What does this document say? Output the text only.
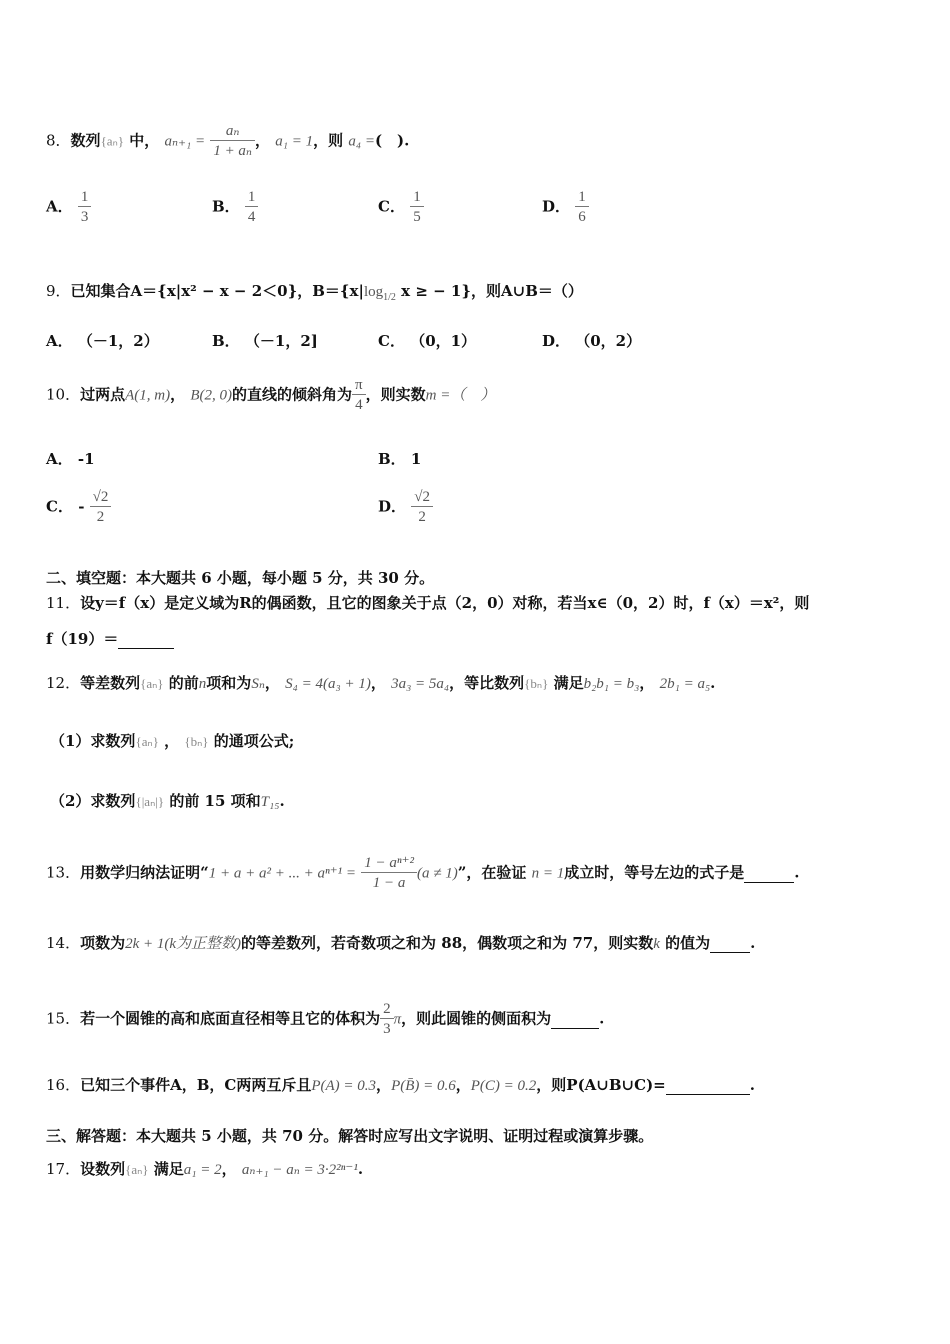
8．数列{aₙ} 中， $a_{n+1} = \frac{\text{aₙ}}{\text{1 + aₙ}}$ ， a₁ = 1，则 a₄ =(　).
A． $\frac{1}{3}$	B． $\frac{1}{4}$	C． $\frac{1}{5}$	D． $\frac{1}{6}$
9．已知集合A＝{x|x² − x − 2＜0}，$B=\{x|\log_{1/2}$ x ≥ − 1}，则A∪B＝（）
A． （－1，2）	B． （－1，2]	C． （0，1）	D． （0，2）
10．过两点A(1, m)， B(2, 0)的直线的倾斜角为 $\frac{\pi}{4}$ ，则实数m =（　）
A． -1	B． 1
C． - $\frac{√2}{2}$	D． $\frac{√2}{2}$
二、填空题：本大题共 6 小题，每小题 5 分，共 30 分。
11．设y＝f（x）是定义域为R的偶函数，且它的图象关于点（2，0）对称，若当x∈（0，2）时，f（x）＝x²，则
f（19）＝
12．等差数列{aₙ} 的前n项和为Sₙ， S₄ = 4(a₃ + 1)， 3a₃ = 5a₄，等比数列{bₙ} 满足b₂b₁ = b₃， 2b₁ = a₅.
（1）求数列{aₙ} ， {bₙ} 的通项公式;
（2）求数列{|aₙ|} 的前 15 项和T₁₅.
13．用数学归纳法证明“1 + a + a² + ... + $a^{n+1} = \frac{\text{1 − aⁿ⁺²}}{1 - a} (a \ne 1)$”，在验证 n = 1成立时，等号左边的式子是	.
14．项数为2k + 1(k为正整数)的等差数列，若奇数项之和为 88，偶数项之和为 77，则实数k 的值为	.
15．若一个圆锥的高和底面直径相等且它的体积为 $\frac{2}{3}$ π，则此圆锥的侧面积为	.
16．已知三个事件A，B，C两两互斥且P(A) = 0.3，P(B̄) = 0.6，P(C) = 0.2，则P(A∪B∪C)=	.
三、解答题：本大题共 5 小题，共 70 分。解答时应写出文字说明、证明过程或演算步骤。
17．设数列{aₙ} 满足a₁ = 2， aₙ₊₁ − aₙ = 3·2²ⁿ⁻¹.
